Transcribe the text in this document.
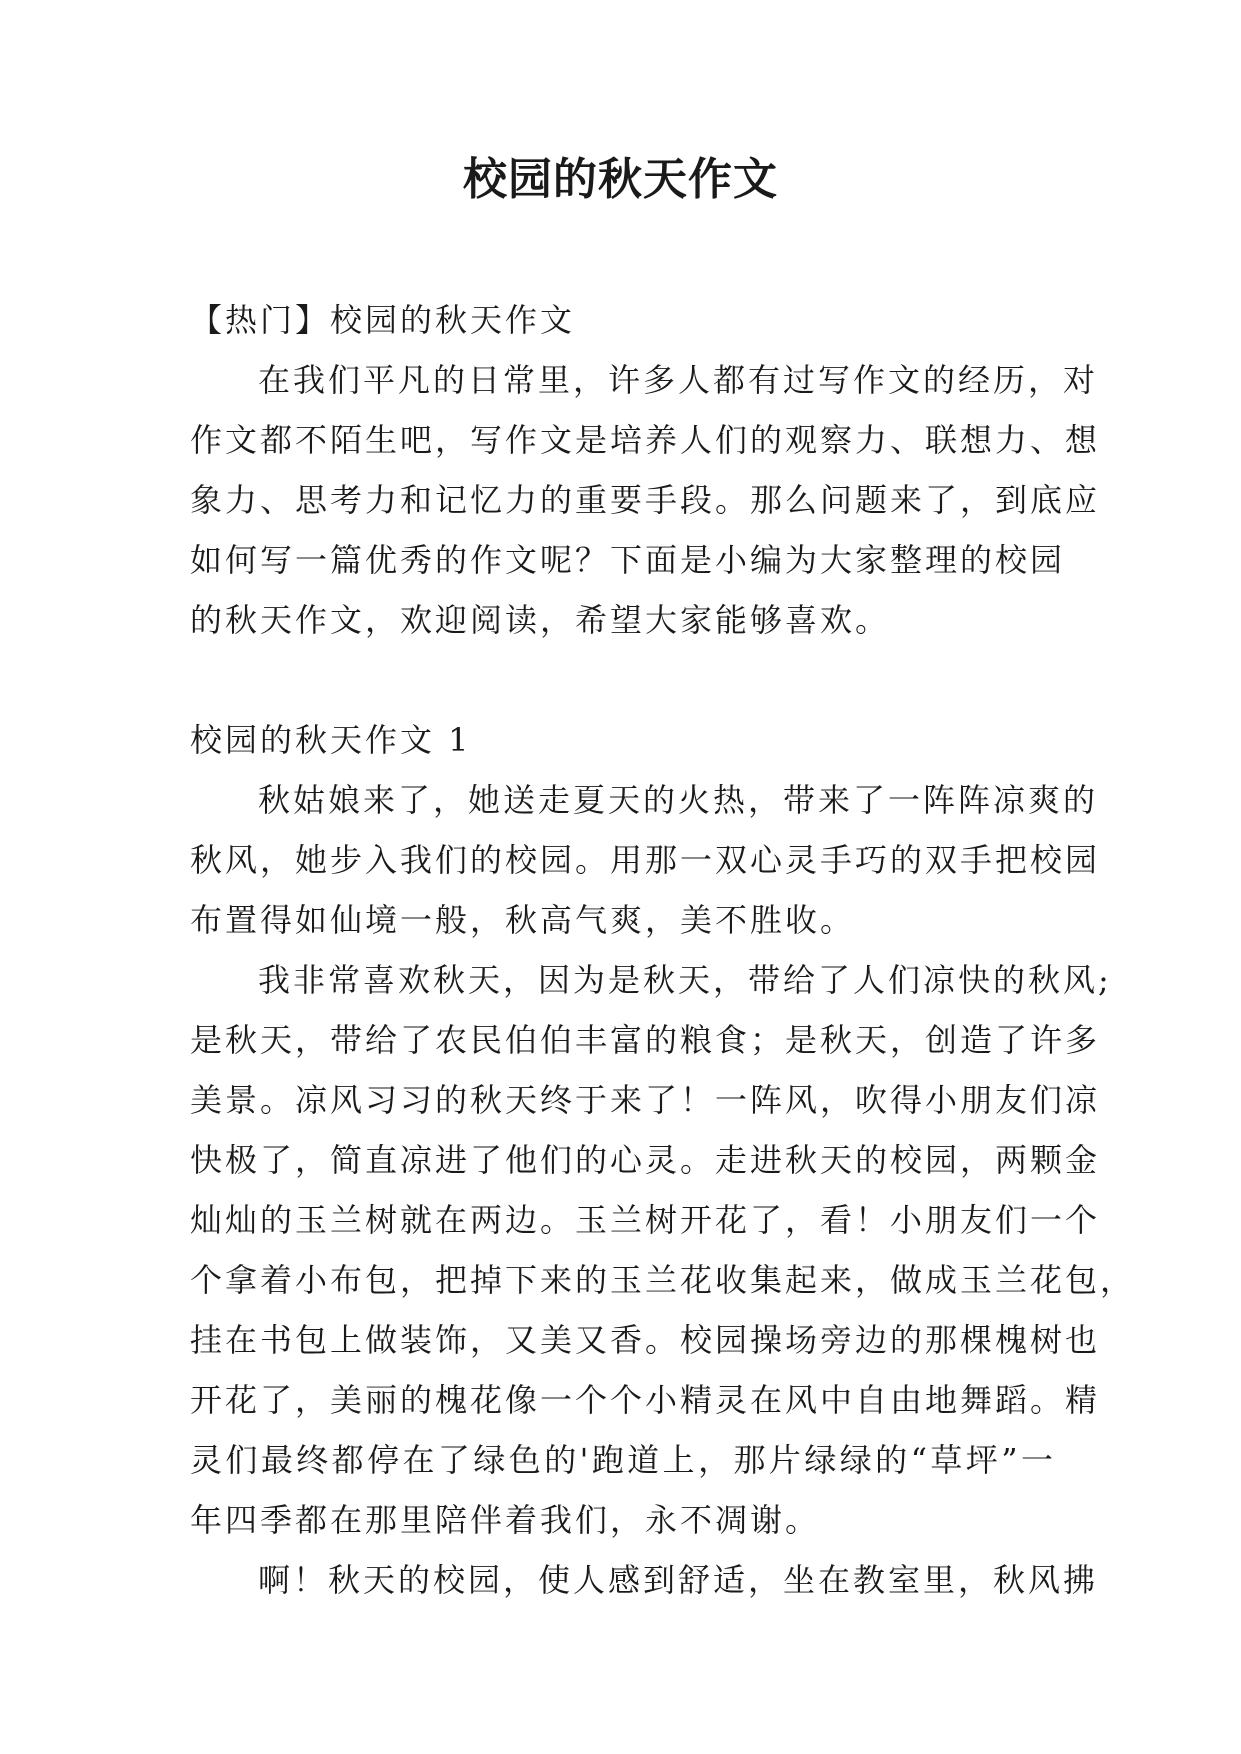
校园的秋天作文
【热门】校园的秋天作文
在我们平凡的日常里，许多人都有过写作文的经历，对
作文都不陌生吧，写作文是培养人们的观察力、联想力、想
象力、思考力和记忆力的重要手段。那么问题来了，到底应
如何写一篇优秀的作文呢？下面是小编为大家整理的校园
的秋天作文，欢迎阅读，希望大家能够喜欢。
校园的秋天作文 1
秋姑娘来了，她送走夏天的火热，带来了一阵阵凉爽的
秋风，她步入我们的校园。用那一双心灵手巧的双手把校园
布置得如仙境一般，秋高气爽，美不胜收。
我非常喜欢秋天，因为是秋天，带给了人们凉快的秋风;
是秋天，带给了农民伯伯丰富的粮食；是秋天，创造了许多
美景。凉风习习的秋天终于来了！一阵风，吹得小朋友们凉
快极了，简直凉进了他们的心灵。走进秋天的校园，两颗金
灿灿的玉兰树就在两边。玉兰树开花了，看！小朋友们一个
个拿着小布包，把掉下来的玉兰花收集起来，做成玉兰花包，
挂在书包上做装饰，又美又香。校园操场旁边的那棵槐树也
开花了，美丽的槐花像一个个小精灵在风中自由地舞蹈。精
灵们最终都停在了绿色的'跑道上，那片绿绿的“草坪”一
年四季都在那里陪伴着我们，永不凋谢。
啊！秋天的校园，使人感到舒适，坐在教室里，秋风拂
